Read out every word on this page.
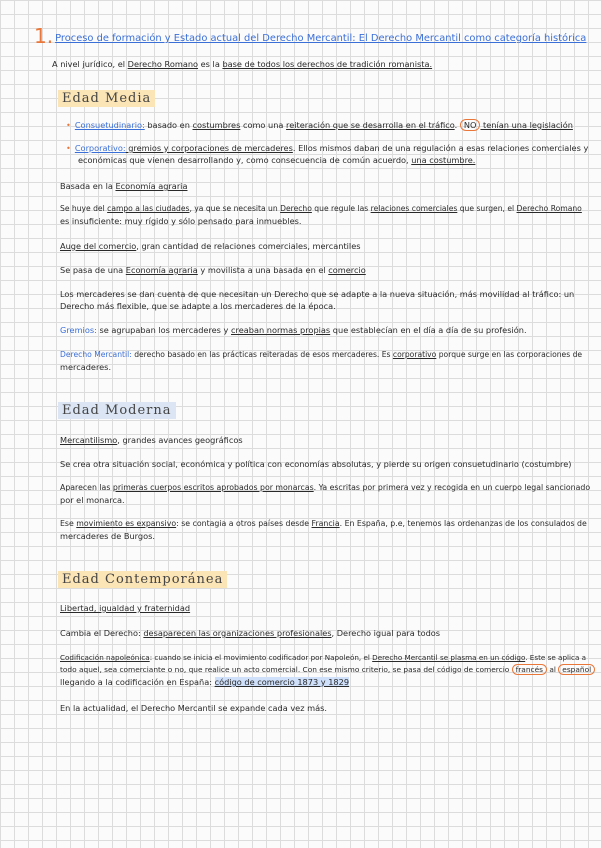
1. Proceso de formación y Estado actual del Derecho Mercantil: El Derecho Mercantil como categoría histórica
A nivel jurídico, el Derecho Romano es la base de todos los derechos de tradición romanista.
Edad Media
• Consuetudinario: basado en costumbres como una reiteración que se desarrolla en el tráfico. NO tenían una legislación
• Corporativo: gremios y corporaciones de mercaderes. Ellos mismos daban de una regulación a esas relaciones comerciales y
económicas que vienen desarrollando y, como consecuencia de común acuerdo, una costumbre.
Basada en la Economía agraria
Se huye del campo a las ciudades, ya que se necesita un Derecho que regule las relaciones comerciales que surgen, el Derecho Romano
es insuficiente: muy rígido y sólo pensado para inmuebles.
Auge del comercio, gran cantidad de relaciones comerciales, mercantiles
Se pasa de una Economía agraria y movilista a una basada en el comercio
Los mercaderes se dan cuenta de que necesitan un Derecho que se adapte a la nueva situación, más movilidad al tráfico: un
Derecho más flexible, que se adapte a los mercaderes de la época.
Gremios: se agrupaban los mercaderes y creaban normas propias que establecían en el día a día de su profesión.
Derecho Mercantil: derecho basado en las prácticas reiteradas de esos mercaderes. Es corporativo porque surge en las corporaciones de
mercaderes.
Edad Moderna
Mercantilismo, grandes avances geográficos
Se crea otra situación social, económica y política con economías absolutas, y pierde su origen consuetudinario (costumbre)
Aparecen las primeras cuerpos escritos aprobados por monarcas. Ya escritas por primera vez y recogida en un cuerpo legal sancionado
por el monarca.
Ese movimiento es expansivo: se contagia a otros países desde Francia. En España, p.e, tenemos las ordenanzas de los consulados de
mercaderes de Burgos.
Edad Contemporánea
Libertad, igualdad y fraternidad
Cambia el Derecho: desaparecen las organizaciones profesionales, Derecho igual para todos
Codificación napoleónica: cuando se inicia el movimiento codificador por Napoleón, el Derecho Mercantil se plasma en un código. Este se aplica a
todo aquel, sea comerciante o no, que realice un acto comercial. Con ese mismo criterio, se pasa del código de comercio francés al español
llegando a la codificación en España: código de comercio 1873 y 1829
En la actualidad, el Derecho Mercantil se expande cada vez más.
